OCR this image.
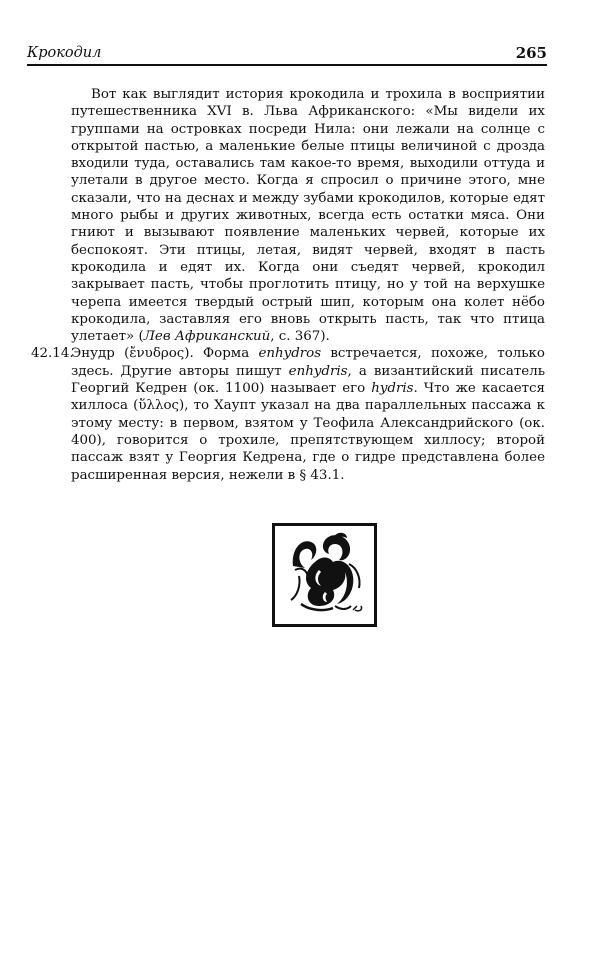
Крокодил	265

Вот как выглядит история крокодила и трохила в восприятии путешественника XVI в. Льва Африканского: «Мы видели их группами на островках посреди Нила: они лежали на солнце с открытой пастью, а маленькие белые птицы величиной с дрозда входили туда, оставались там какое-то время, выходили оттуда и улетали в другое место. Когда я спросил о причине этого, мне сказали, что на деснах и между зубами крокодилов, которые едят много рыбы и других животных, всегда есть остатки мяса. Они гниют и вызывают появление маленьких червей, которые их беспокоят. Эти птицы, летая, видят червей, входят в пасть крокодила и едят их. Когда они съедят червей, крокодил закрывает пасть, чтобы проглотить птицу, но у той на верхушке черепа имеется твердый острый шип, которым она колет нёбо крокодила, заставляя его вновь открыть пасть, так что птица улетает» (Лев Африканский, с. 367).

42.14.
Энудр (ἔνυδρος). Форма enhydros встречается, похоже, только здесь. Другие авторы пишут enhydris, а византийский писатель Георгий Кедрен (ок. 1100) называет его hydris. Что же касается хиллоса (ὕλλος), то Хаупт указал на два параллельных пассажа к этому месту: в первом, взятом у Теофила Александрийского (ок. 400), говорится о трохиле, препятствующем хиллосу; второй пассаж взят у Георгия Кедрена, где о гидре представлена более расширенная версия, нежели в § 43.1.
